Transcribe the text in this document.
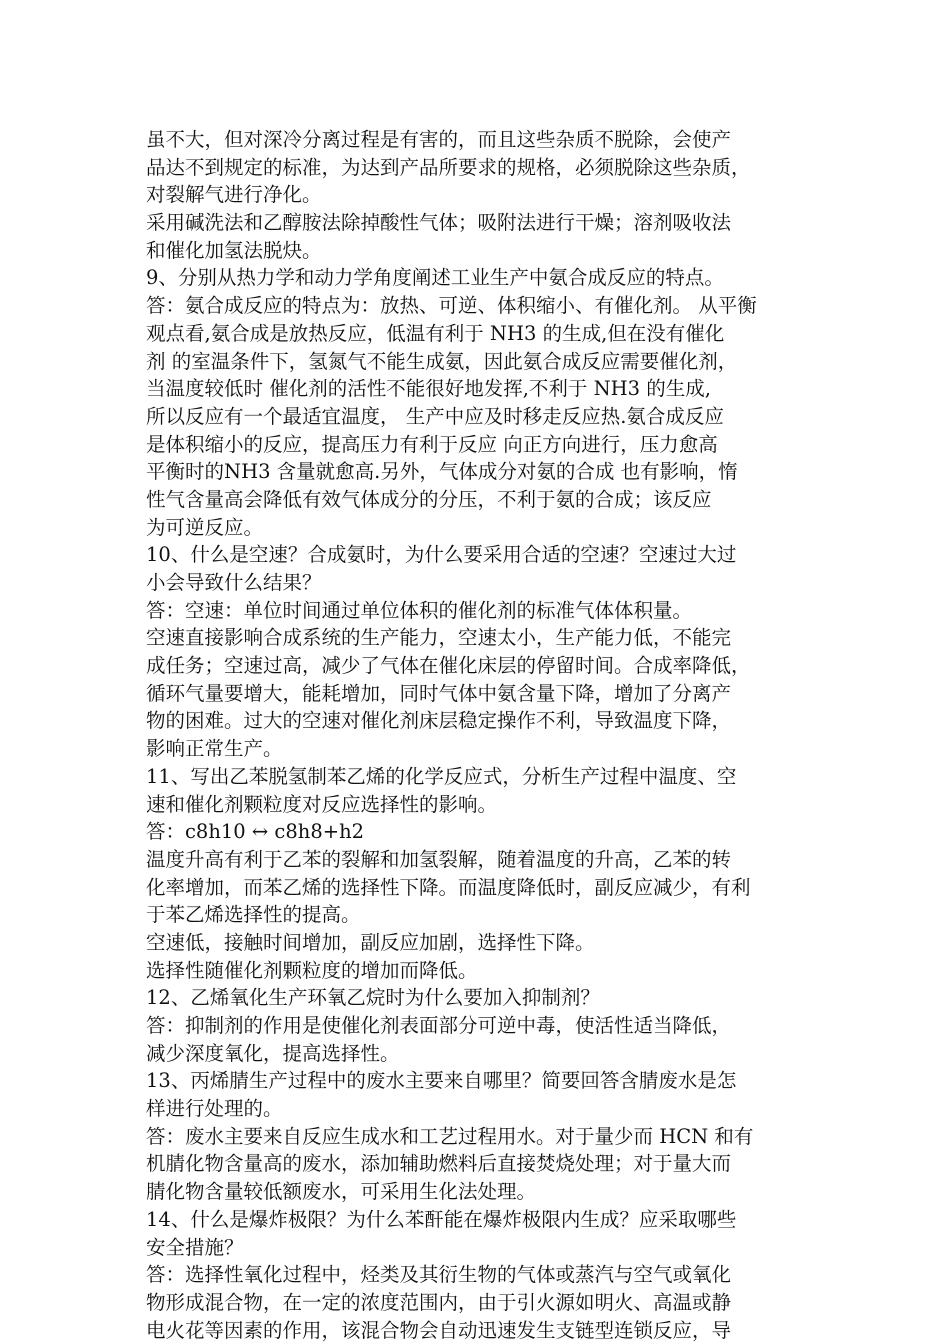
虽不大，但对深冷分离过程是有害的，而且这些杂质不脱除，会使产
品达不到规定的标准，为达到产品所要求的规格，必须脱除这些杂质，
对裂解气进行净化。
采用碱洗法和乙醇胺法除掉酸性气体；吸附法进行干燥；溶剂吸收法
和催化加氢法脱炔。
9、分别从热力学和动力学角度阐述工业生产中氨合成反应的特点。
答：氨合成反应的特点为：放热、可逆、体积缩小、有催化剂。 从平衡
观点看,氨合成是放热反应，低温有利于 NH3 的生成,但在没有催化
剂 的室温条件下，氢氮气不能生成氨，因此氨合成反应需要催化剂，
当温度较低时 催化剂的活性不能很好地发挥,不利于 NH3 的生成,
所以反应有一个最适宜温度， 生产中应及时移走反应热.氨合成反应
是体积缩小的反应，提高压力有利于反应 向正方向进行，压力愈高
平衡时的NH3 含量就愈高.另外，气体成分对氨的合成 也有影响，惰
性气含量高会降低有效气体成分的分压，不利于氨的合成；该反应
为可逆反应。
10、什么是空速？合成氨时，为什么要采用合适的空速？空速过大过
小会导致什么结果？
答：空速：单位时间通过单位体积的催化剂的标准气体体积量。
空速直接影响合成系统的生产能力，空速太小，生产能力低，不能完
成任务；空速过高，减少了气体在催化床层的停留时间。合成率降低，
循环气量要增大，能耗增加，同时气体中氨含量下降，增加了分离产
物的困难。过大的空速对催化剂床层稳定操作不利，导致温度下降，
影响正常生产。
11、写出乙苯脱氢制苯乙烯的化学反应式，分析生产过程中温度、空
速和催化剂颗粒度对反应选择性的影响。
答：c8h10 ↔ c8h8+h2
温度升高有利于乙苯的裂解和加氢裂解，随着温度的升高，乙苯的转
化率增加，而苯乙烯的选择性下降。而温度降低时，副反应减少，有利
于苯乙烯选择性的提高。
空速低，接触时间增加，副反应加剧，选择性下降。
选择性随催化剂颗粒度的增加而降低。
12、乙烯氧化生产环氧乙烷时为什么要加入抑制剂？
答：抑制剂的作用是使催化剂表面部分可逆中毒，使活性适当降低，
减少深度氧化，提高选择性。
13、丙烯腈生产过程中的废水主要来自哪里？简要回答含腈废水是怎
样进行处理的。
答：废水主要来自反应生成水和工艺过程用水。对于量少而 HCN 和有
机腈化物含量高的废水，添加辅助燃料后直接焚烧处理；对于量大而
腈化物含量较低额废水，可采用生化法处理。
14、什么是爆炸极限？为什么苯酐能在爆炸极限内生成？应采取哪些
安全措施？
答：选择性氧化过程中，烃类及其衍生物的气体或蒸汽与空气或氧化
物形成混合物，在一定的浓度范围内，由于引火源如明火、高温或静
电火花等因素的作用，该混合物会自动迅速发生支链型连锁反应，导
